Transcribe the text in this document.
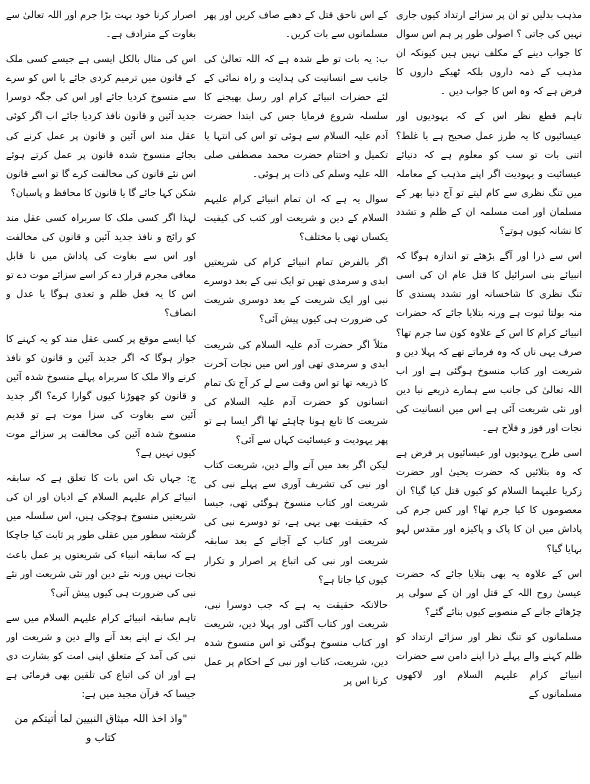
مذہب بدلیں تو ان پر سزائے ارتداد کیوں جاری نہیں کی جاتی ؟ اصولی طور پر ہم اس سوال کا جواب دینے کے مکلف نہیں ہیں کیونکہ ان مذہب کے ذمہ داروں بلکہ ٹھیکے داروں کا فرض ہے کہ وہ اس کا جواب دیں ۔

تاہم قطع نظر اس کے کہ یہودیوں اور عیسائیوں کا یہ طرز عمل صحیح ہے یا غلط؟ اتنی بات تو سب کو معلوم ہے کہ دنیائے عیسائیت و یہودیت اگر اپنے مذہب کے معاملہ میں تنگ نظری سے کام لیتے تو آج دنیا بھر کے مسلمان اور امت مسلمہ ان کے ظلم و تشدد کا نشانہ کیوں ہوتے؟

اس سے ذرا اور آگے بڑھئے تو اندازہ ہوگا کہ انبیائے بنی اسرائیل کا قتل عام ان کی اسی تنگ نظری کا شاخسانہ اور تشدد پسندی کا منہ بولتا ثبوت ہے ورنہ بتلایا جائے کہ حضرات انبیائے کرام کا اس کے علاوہ کون سا جرم تھا؟ صرف یہی ناں کہ وہ فرماتے تھے کہ پہلا دین و شریعت اور کتاب منسوخ ہوگئی ہے اور اب اللہ تعالیٰ کی جانب سے ہمارے ذریعے نیا دین اور نئی شریعت آئی ہے اس میں انسانیت کی نجات اور فوز و فلاح ہے۔

اسی طرح یہودیوں اور عیسائیوں پر فرض ہے کہ وہ بتلائیں کہ حضرت یحییٰ اور حضرت زکریا علیہما السلام کو کیوں قتل کیا گیا؟ ان معصوموں کا کیا جرم تھا؟ اور کس جرم کی پاداش میں ان کا پاک و پاکیزہ اور مقدس لہو بہایا گیا؟

اس کے علاوہ یہ بھی بتلایا جائے کہ حضرت عیسیٰ روح اللہ کے قتل اور ان کے سولی پر چڑھائے جانے کے منصوبے کیوں بنائے گئے؟

مسلمانوں کو تنگ نظر اور سزائے ارتداد کو ظلم کہنے والے پہلے ذرا اپنے دامن سے حضرات انبیائے کرام علیہم السلام اور لاکھوں مسلمانوں کے

کے اس ناحق قتل کے دھبے صاف کریں اور پھر مسلمانوں سے بات کریں۔

ب: یہ بات تو طے شدہ ہے کہ اللہ تعالیٰ کی جانب سے انسانیت کی ہدایت و راہ نمائی کے لئے حضرات انبیائے کرام اور رسل بھیجنے کا سلسلہ شروع فرمایا جس کی ابتدا حضرت آدم علیہ السلام سے ہوئی تو اس کی انتہا یا تکمیل و اختتام حضرت محمد مصطفی صلی اللہ علیہ وسلم کی ذات پر ہوئی۔

سوال یہ ہے کہ ان تمام انبیائے کرام علیہم السلام کے دین و شریعت اور کتب کی کیفیت یکساں تھی یا مختلف؟

اگر بالفرض تمام انبیائے کرام کی شریعتیں ابدی و سرمدی تھیں تو ایک نبی کے بعد دوسرے نبی اور ایک شریعت کے بعد دوسری شریعت کی ضرورت ہی کیوں پیش آئی؟

مثلاً اگر حضرت آدم علیہ السلام کی شریعت ابدی و سرمدی تھی اور اس میں نجات آخرت کا ذریعہ تھا تو اس وقت سے لے کر آج تک تمام انسانوں کو حضرت آدم علیہ السلام کی شریعت کا تابع ہونا چاہئے تھا اگر ایسا ہے تو پھر یہودیت و عیسائیت کہاں سے آئی؟

لیکن اگر بعد میں آنے والے دین، شریعت کتاب اور نبی کی تشریف آوری سے پہلے نبی کی شریعت اور کتاب منسوخ ہوگئی تھی، جیسا کہ حقیقت بھی یہی ہے، تو دوسرے نبی کی شریعت اور کتاب کے آجانے کے بعد سابقہ شریعت اور نبی کی اتباع پر اصرار و تکرار کیوں کیا جاتا ہے؟

حالانکہ حقیقت یہ ہے کہ جب دوسرا نبی، شریعت اور کتاب آگئی اور پہلا دین، شریعت اور کتاب منسوخ ہوگئی تو اس منسوخ شدہ دین، شریعت، کتاب اور نبی کے احکام پر عمل کرنا اس پر

اصرار کرنا خود بہت بڑا جرم اور اللہ تعالیٰ سے بغاوت کے مترادف ہے۔

اس کی مثال بالکل ایسی ہے جیسے کسی ملک کے قانون میں ترمیم کردی جائے یا اس کو سرے سے منسوخ کردیا جائے اور اس کی جگہ دوسرا جدید آئین و قانون نافذ کردیا جائے اب اگر کوئی عقل مند اس آئین و قانون پر عمل کرنے کی بجائے منسوخ شدہ قانون پر عمل کرتے ہوئے اس نئے قانون کی مخالفت کرے گا تو اسے قانون شکن کہا جائے گا یا قانون کا محافظ و پاسبان؟

لہذا اگر کسی ملک کا سربراہ کسی عقل مند کو رائج و نافذ جدید آئین و قانون کی مخالفت اور اس سے بغاوت کی پاداش میں نا قابل معافی مجرم قرار دے کر اسے سزائے موت دے تو اس کا یہ فعل ظلم و تعدی ہوگا یا عدل و انصاف؟

کیا ایسے موقع پر کسی عقل مند کو یہ کہنے کا جواز ہوگا کہ اگر جدید آئین و قانون کو نافذ کرنے والا ملک کا سربراہ پہلے منسوخ شدہ آئین و قانون کو چھوڑنا کیوں گوارا کرے؟ اگر جدید آئین سے بغاوت کی سزا موت ہے تو قدیم منسوخ شدہ آئین کی مخالفت پر سزائے موت کیوں نہیں ہے؟

ج: جہاں تک اس بات کا تعلق ہے کہ سابقہ انبیائے کرام علیہم السلام کے ادیان اور ان کی شریعتیں منسوخ ہوچکی ہیں، اس سلسلہ میں گزشتہ سطور میں عقلی طور پر ثابت کیا جاچکا ہے کہ سابقہ انبیاء کی شریعتوں پر عمل باعث نجات نہیں ورنہ نئے دین اور نئی شریعت اور نئے نبی کی ضرورت ہی کیوں پیش آتی؟

تاہم سابقہ انبیائے کرام علیہم السلام میں سے ہر ایک نے اپنے بعد آنے والے دین و شریعت اور نبی کی آمد کے متعلق اپنی امت کو بشارت دی ہے اور ان کی اتباع کی تلقین بھی فرمائی ہے جیسا کہ قرآن مجید میں ہے:

"واذ اخذ اللہ میثاق النبیین لما اٰتیتکم من کتاب و
